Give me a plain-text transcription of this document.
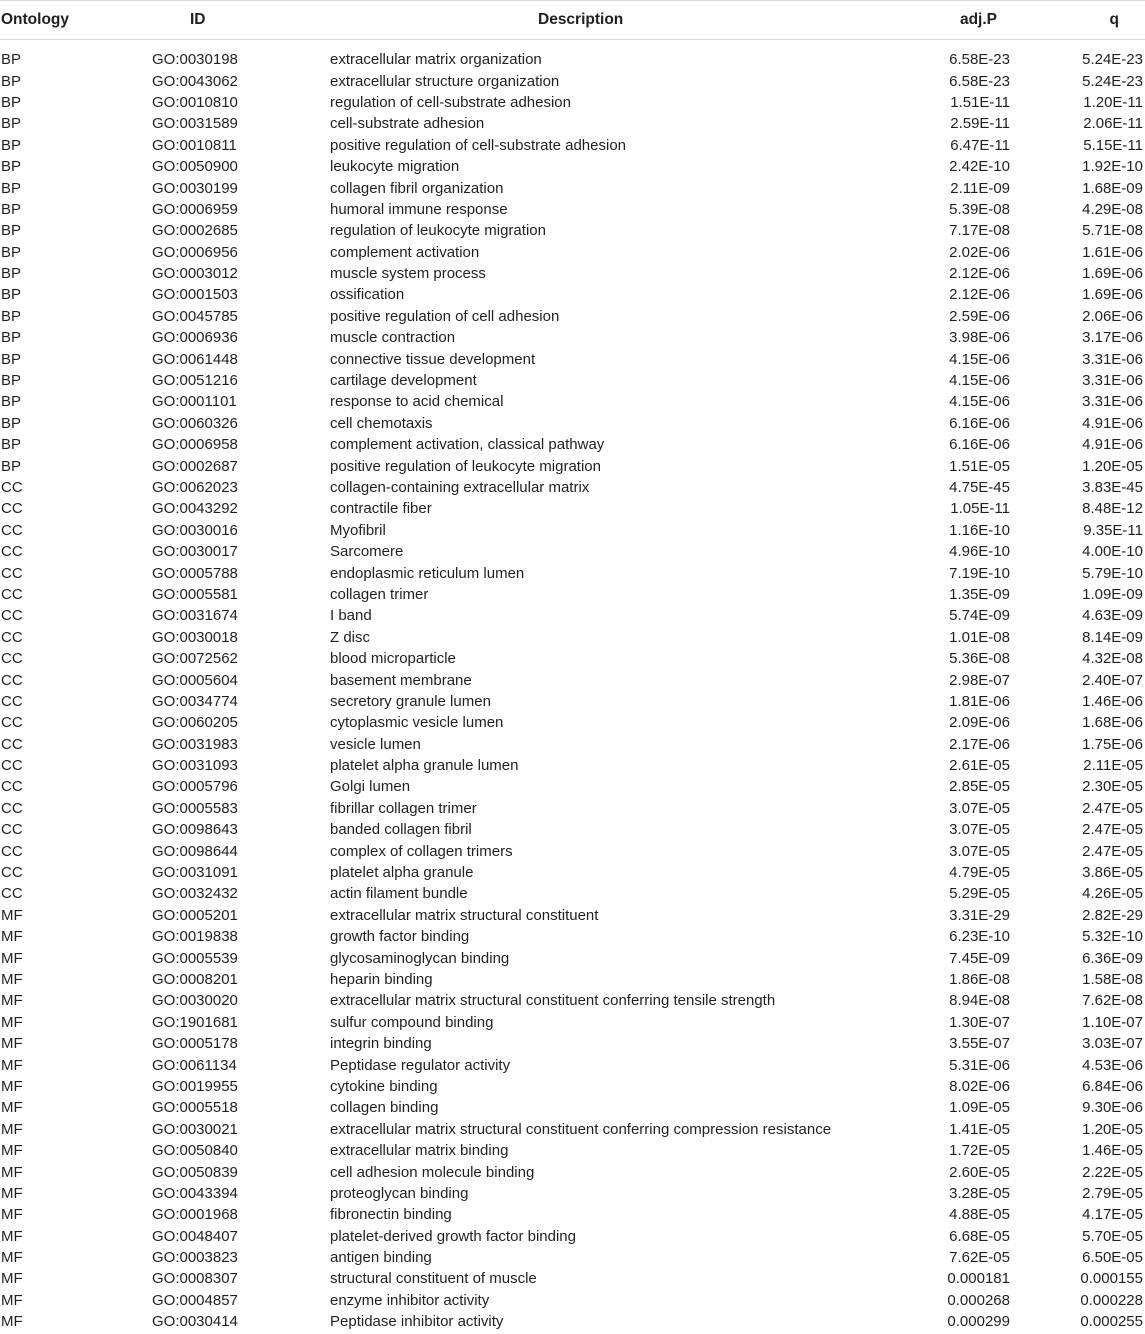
Ontology	ID	Description	adj.P	q

BP	GO:0030198	extracellular matrix organization	6.58E-23	5.24E-23
BP	GO:0043062	extracellular structure organization	6.58E-23	5.24E-23
BP	GO:0010810	regulation of cell-substrate adhesion	1.51E-11	1.20E-11
BP	GO:0031589	cell-substrate adhesion	2.59E-11	2.06E-11
BP	GO:0010811	positive regulation of cell-substrate adhesion	6.47E-11	5.15E-11
BP	GO:0050900	leukocyte migration	2.42E-10	1.92E-10
BP	GO:0030199	collagen fibril organization	2.11E-09	1.68E-09
BP	GO:0006959	humoral immune response	5.39E-08	4.29E-08
BP	GO:0002685	regulation of leukocyte migration	7.17E-08	5.71E-08
BP	GO:0006956	complement activation	2.02E-06	1.61E-06
BP	GO:0003012	muscle system process	2.12E-06	1.69E-06
BP	GO:0001503	ossification	2.12E-06	1.69E-06
BP	GO:0045785	positive regulation of cell adhesion	2.59E-06	2.06E-06
BP	GO:0006936	muscle contraction	3.98E-06	3.17E-06
BP	GO:0061448	connective tissue development	4.15E-06	3.31E-06
BP	GO:0051216	cartilage development	4.15E-06	3.31E-06
BP	GO:0001101	response to acid chemical	4.15E-06	3.31E-06
BP	GO:0060326	cell chemotaxis	6.16E-06	4.91E-06
BP	GO:0006958	complement activation, classical pathway	6.16E-06	4.91E-06
BP	GO:0002687	positive regulation of leukocyte migration	1.51E-05	1.20E-05
CC	GO:0062023	collagen-containing extracellular matrix	4.75E-45	3.83E-45
CC	GO:0043292	contractile fiber	1.05E-11	8.48E-12
CC	GO:0030016	Myofibril	1.16E-10	9.35E-11
CC	GO:0030017	Sarcomere	4.96E-10	4.00E-10
CC	GO:0005788	endoplasmic reticulum lumen	7.19E-10	5.79E-10
CC	GO:0005581	collagen trimer	1.35E-09	1.09E-09
CC	GO:0031674	I band	5.74E-09	4.63E-09
CC	GO:0030018	Z disc	1.01E-08	8.14E-09
CC	GO:0072562	blood microparticle	5.36E-08	4.32E-08
CC	GO:0005604	basement membrane	2.98E-07	2.40E-07
CC	GO:0034774	secretory granule lumen	1.81E-06	1.46E-06
CC	GO:0060205	cytoplasmic vesicle lumen	2.09E-06	1.68E-06
CC	GO:0031983	vesicle lumen	2.17E-06	1.75E-06
CC	GO:0031093	platelet alpha granule lumen	2.61E-05	2.11E-05
CC	GO:0005796	Golgi lumen	2.85E-05	2.30E-05
CC	GO:0005583	fibrillar collagen trimer	3.07E-05	2.47E-05
CC	GO:0098643	banded collagen fibril	3.07E-05	2.47E-05
CC	GO:0098644	complex of collagen trimers	3.07E-05	2.47E-05
CC	GO:0031091	platelet alpha granule	4.79E-05	3.86E-05
CC	GO:0032432	actin filament bundle	5.29E-05	4.26E-05
MF	GO:0005201	extracellular matrix structural constituent	3.31E-29	2.82E-29
MF	GO:0019838	growth factor binding	6.23E-10	5.32E-10
MF	GO:0005539	glycosaminoglycan binding	7.45E-09	6.36E-09
MF	GO:0008201	heparin binding	1.86E-08	1.58E-08
MF	GO:0030020	extracellular matrix structural constituent conferring tensile strength	8.94E-08	7.62E-08
MF	GO:1901681	sulfur compound binding	1.30E-07	1.10E-07
MF	GO:0005178	integrin binding	3.55E-07	3.03E-07
MF	GO:0061134	Peptidase regulator activity	5.31E-06	4.53E-06
MF	GO:0019955	cytokine binding	8.02E-06	6.84E-06
MF	GO:0005518	collagen binding	1.09E-05	9.30E-06
MF	GO:0030021	extracellular matrix structural constituent conferring compression resistance	1.41E-05	1.20E-05
MF	GO:0050840	extracellular matrix binding	1.72E-05	1.46E-05
MF	GO:0050839	cell adhesion molecule binding	2.60E-05	2.22E-05
MF	GO:0043394	proteoglycan binding	3.28E-05	2.79E-05
MF	GO:0001968	fibronectin binding	4.88E-05	4.17E-05
MF	GO:0048407	platelet-derived growth factor binding	6.68E-05	5.70E-05
MF	GO:0003823	antigen binding	7.62E-05	6.50E-05
MF	GO:0008307	structural constituent of muscle	0.000181	0.000155
MF	GO:0004857	enzyme inhibitor activity	0.000268	0.000228
MF	GO:0030414	Peptidase inhibitor activity	0.000299	0.000255
